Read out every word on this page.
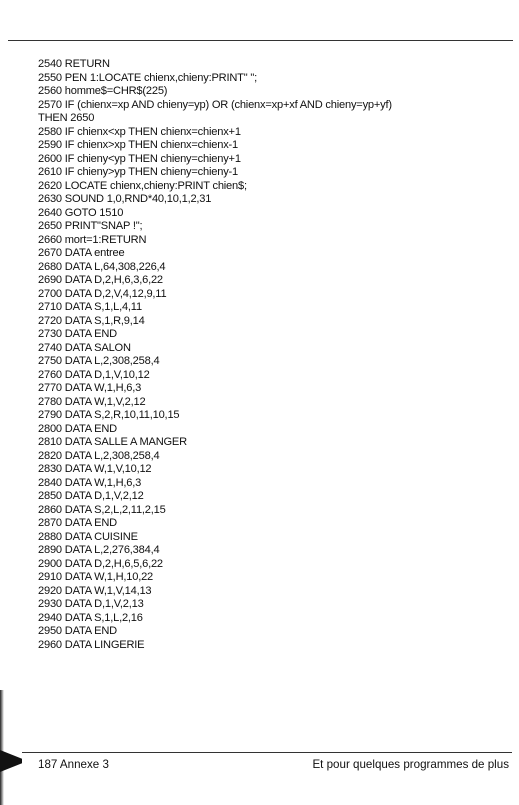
2540 RETURN
2550 PEN 1:LOCATE chienx,chieny:PRINT" ";
2560 homme$=CHR$(225)
2570 IF (chienx=xp AND chieny=yp) OR (chienx=xp+xf AND chieny=yp+yf)
THEN 2650
2580 IF chienx<xp THEN chienx=chienx+1
2590 IF chienx>xp THEN chienx=chienx-1
2600 IF chieny<yp THEN chieny=chieny+1
2610 IF chieny>yp THEN chieny=chieny-1
2620 LOCATE chienx,chieny:PRINT chien$;
2630 SOUND 1,0,RND*40,10,1,2,31
2640 GOTO 1510
2650 PRINT"SNAP !";
2660 mort=1:RETURN
2670 DATA entree
2680 DATA L,64,308,226,4
2690 DATA D,2,H,6,3,6,22
2700 DATA D,2,V,4,12,9,11
2710 DATA S,1,L,4,11
2720 DATA S,1,R,9,14
2730 DATA END
2740 DATA SALON
2750 DATA L,2,308,258,4
2760 DATA D,1,V,10,12
2770 DATA W,1,H,6,3
2780 DATA W,1,V,2,12
2790 DATA S,2,R,10,11,10,15
2800 DATA END
2810 DATA SALLE A MANGER
2820 DATA L,2,308,258,4
2830 DATA W,1,V,10,12
2840 DATA W,1,H,6,3
2850 DATA D,1,V,2,12
2860 DATA S,2,L,2,11,2,15
2870 DATA END
2880 DATA CUISINE
2890 DATA L,2,276,384,4
2900 DATA D,2,H,6,5,6,22
2910 DATA W,1,H,10,22
2920 DATA W,1,V,14,13
2930 DATA D,1,V,2,13
2940 DATA S,1,L,2,16
2950 DATA END
2960 DATA LINGERIE
187 Annexe 3	Et pour quelques programmes de plus
